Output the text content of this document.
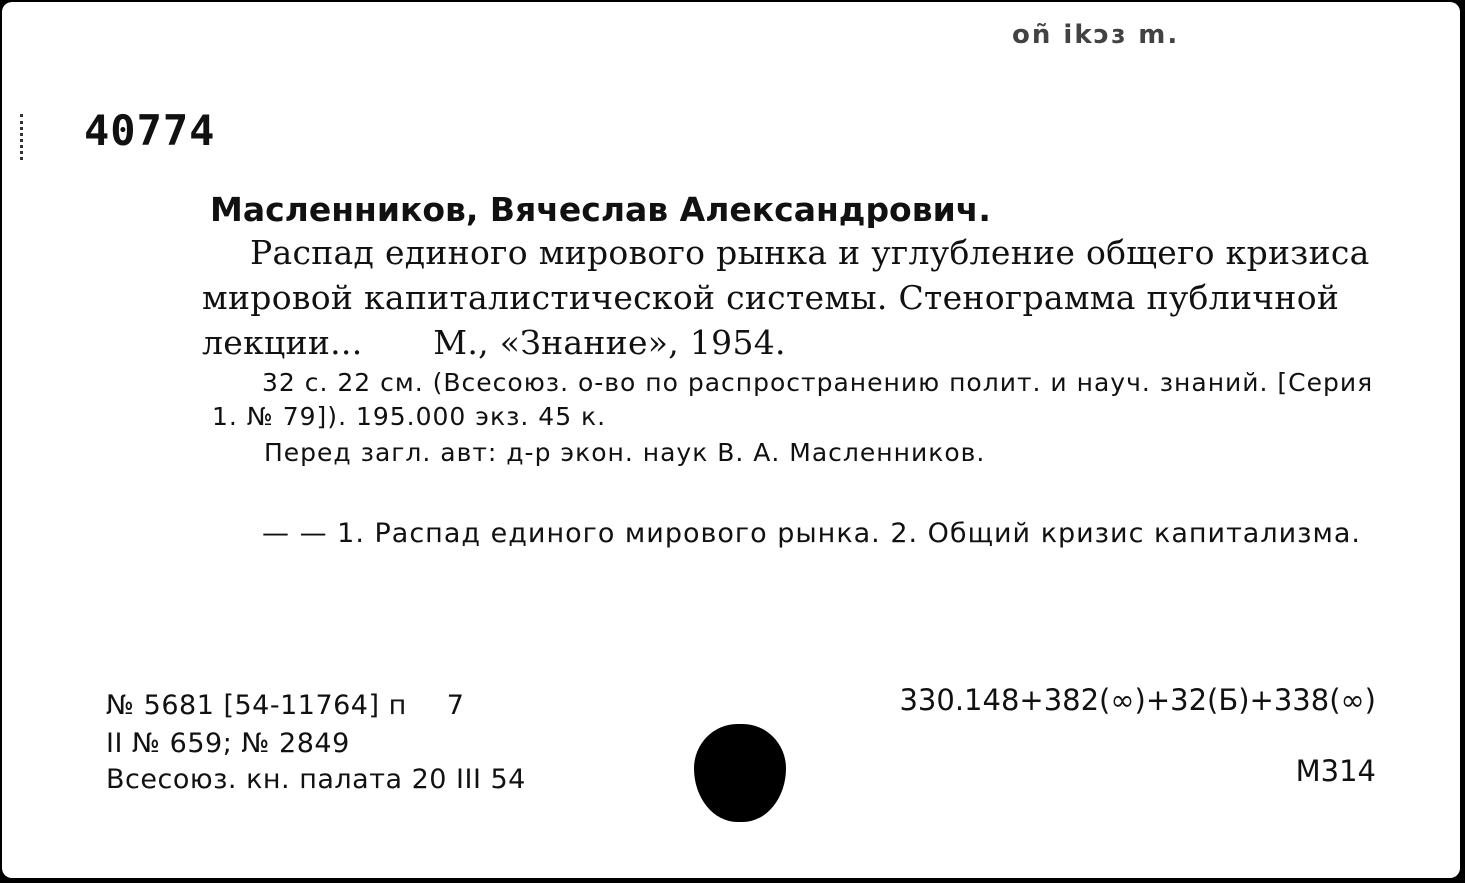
oñ ikɔɜ m.
40774
Масленников, Вячеслав Александрович.
Распад единого мирового рынка и углубление общего кризиса мировой капиталистической системы. Стенограмма публичной лекции... М., «Знание», 1954.
32 с. 22 см. (Всесоюз. о-во по распространению полит. и науч. знаний. [Серия 1. № 79]). 195.000 экз. 45 к.
Перед загл. авт: д-р экон. наук В. А. Масленников.
— — 1. Распад единого мирового рынка. 2. Общий кризис капитализма.
№ 5681 [54-11764] п 7
II № 659; № 2849
Всесоюз. кн. палата 20 III 54
330.148+382(∞)+32(Б)+338(∞)
М314
